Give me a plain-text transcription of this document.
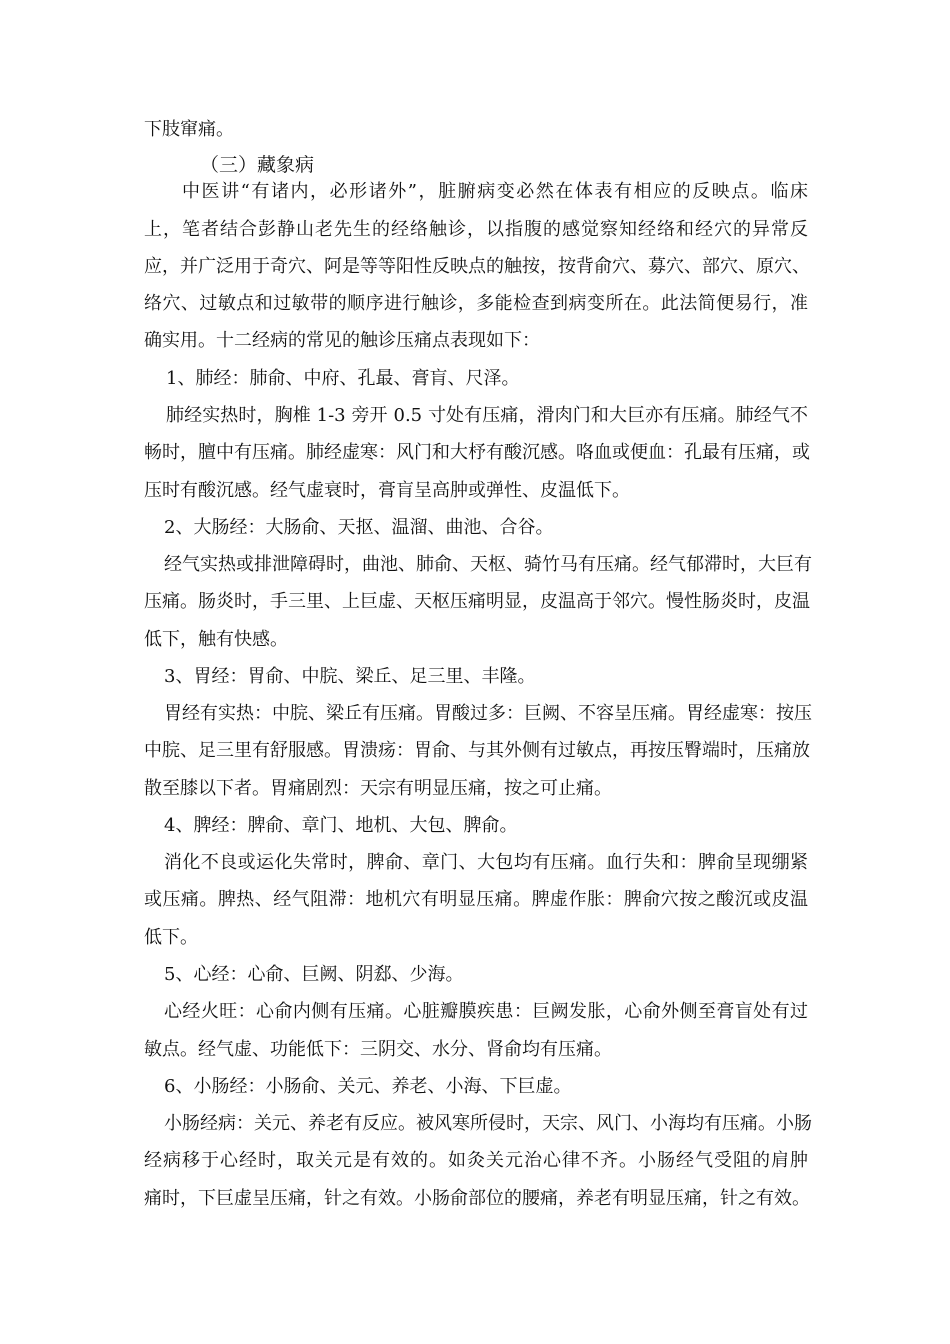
下肢窜痛。
（三）藏象病
中医讲“有诸内，必形诸外”，脏腑病变必然在体表有相应的反映点。临床
上，笔者结合彭静山老先生的经络触诊，以指腹的感觉察知经络和经穴的异常反
应，并广泛用于奇穴、阿是等等阳性反映点的触按，按背俞穴、募穴、部穴、原穴、
络穴、过敏点和过敏带的顺序进行触诊，多能检查到病变所在。此法简便易行，准
确实用。十二经病的常见的触诊压痛点表现如下：
1、肺经：肺俞、中府、孔最、膏肓、尺泽。
肺经实热时，胸椎 1-3 旁开 0.5 寸处有压痛，滑肉门和大巨亦有压痛。肺经气不
畅时，膻中有压痛。肺经虚寒：风门和大杼有酸沉感。咯血或便血：孔最有压痛，或
压时有酸沉感。经气虚衰时，膏肓呈高肿或弹性、皮温低下。
2、大肠经：大肠俞、天抠、温溜、曲池、合谷。
经气实热或排泄障碍时，曲池、肺俞、天枢、骑竹马有压痛。经气郁滞时，大巨有
压痛。肠炎时，手三里、上巨虚、天枢压痛明显，皮温高于邻穴。慢性肠炎时，皮温
低下，触有快感。
3、胃经：胃俞、中脘、梁丘、足三里、丰隆。
胃经有实热：中脘、梁丘有压痛。胃酸过多：巨阙、不容呈压痛。胃经虚寒：按压
中脘、足三里有舒服感。胃溃疡：胃俞、与其外侧有过敏点，再按压臀端时，压痛放
散至膝以下者。胃痛剧烈：天宗有明显压痛，按之可止痛。
4、脾经：脾俞、章门、地机、大包、脾俞。
消化不良或运化失常时，脾俞、章门、大包均有压痛。血行失和：脾俞呈现绷紧
或压痛。脾热、经气阻滞：地机穴有明显压痛。脾虚作胀：脾俞穴按之酸沉或皮温
低下。
5、心经：心俞、巨阙、阴郄、少海。
心经火旺：心俞内侧有压痛。心脏瓣膜疾患：巨阙发胀，心俞外侧至膏盲处有过
敏点。经气虚、功能低下：三阴交、水分、肾俞均有压痛。
6、小肠经：小肠俞、关元、养老、小海、下巨虚。
小肠经病：关元、养老有反应。被风寒所侵时，天宗、风门、小海均有压痛。小肠
经病移于心经时，取关元是有效的。如灸关元治心律不齐。小肠经气受阻的肩肿
痛时，下巨虚呈压痛，针之有效。小肠俞部位的腰痛，养老有明显压痛，针之有效。
